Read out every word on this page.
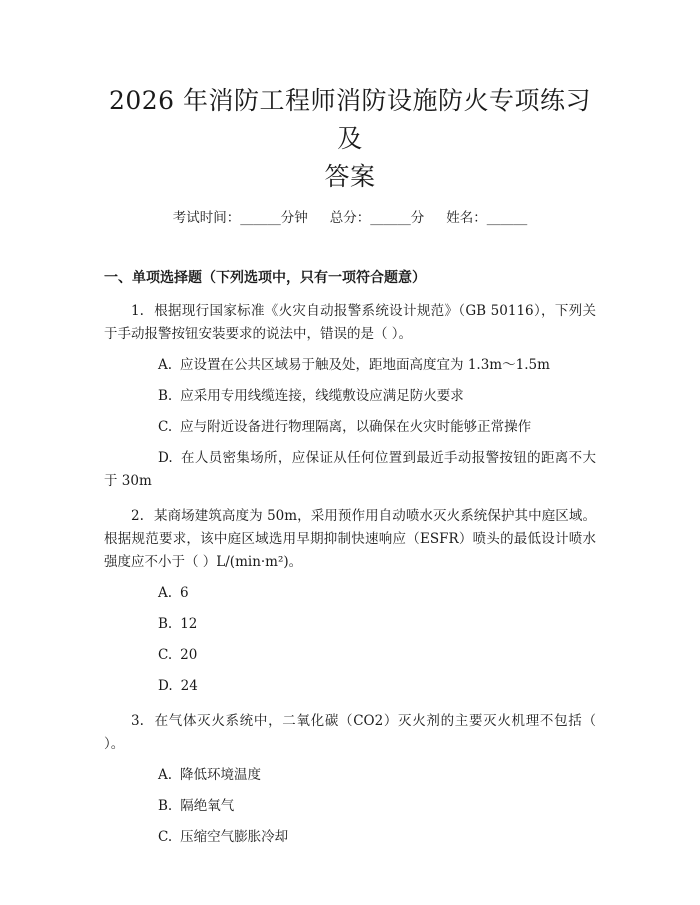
2026 年消防工程师消防设施防火专项练习及
答案
考试时间：______分钟 总分：______分 姓名：______
一、单项选择题（下列选项中，只有一项符合题意）

1. 根据现行国家标准《火灾自动报警系统设计规范》（GB 50116），下列关于手动报警按钮安装要求的说法中，错误的是（ ）。

A. 应设置在公共区域易于触及处，距地面高度宜为 1.3m～1.5m

B. 应采用专用线缆连接，线缆敷设应满足防火要求

C. 应与附近设备进行物理隔离，以确保在火灾时能够正常操作

D. 在人员密集场所，应保证从任何位置到最近手动报警按钮的距离不大于 30m

2. 某商场建筑高度为 50m，采用预作用自动喷水灭火系统保护其中庭区域。根据规范要求，该中庭区域选用早期抑制快速响应（ESFR）喷头的最低设计喷水强度应不小于（ ）L/(min·m²)。

A. 6

B. 12

C. 20

D. 24

3. 在气体灭火系统中，二氧化碳（CO2）灭火剂的主要灭火机理不包括（ ）。

A. 降低环境温度

B. 隔绝氧气

C. 压缩空气膨胀冷却
